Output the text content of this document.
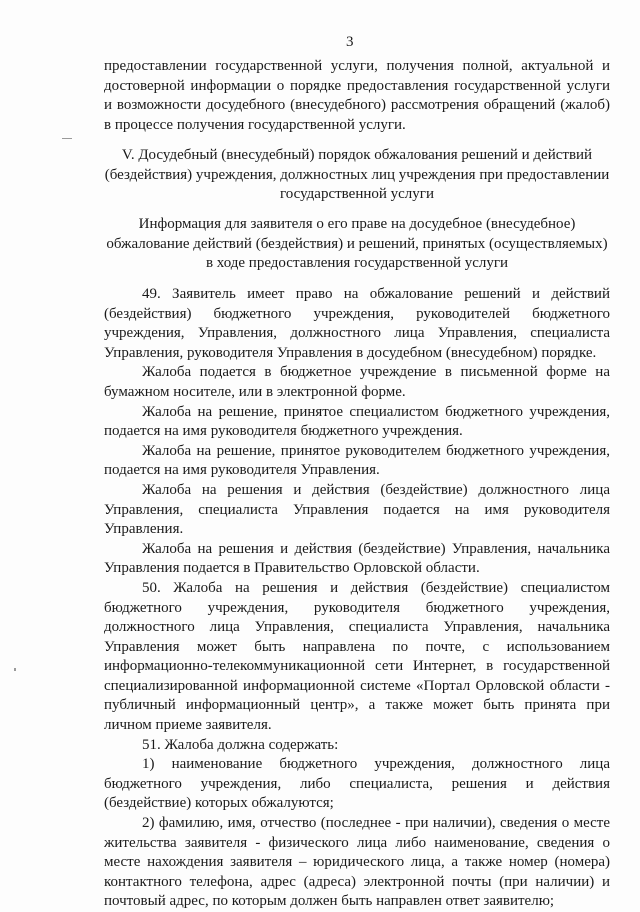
3

предоставлении государственной услуги, получения полной, актуальной и достоверной информации о порядке предоставления государственной услуги и возможности досудебного (внесудебного) рассмотрения обращений (жалоб) в процессе получения государственной услуги.

V. Досудебный (внесудебный) порядок обжалования решений и действий (бездействия) учреждения, должностных лиц учреждения при предоставлении государственной услуги
Информация для заявителя о его праве на досудебное (внесудебное) обжалование действий (бездействия) и решений, принятых (осуществляемых) в ходе предоставления государственной услуги

49. Заявитель имеет право на обжалование решений и действий (бездействия) бюджетного учреждения, руководителей бюджетного учреждения, Управления, должностного лица Управления, специалиста Управления, руководителя Управления в досудебном (внесудебном) порядке.

Жалоба подается в бюджетное учреждение в письменной форме на бумажном носителе, или в электронной форме.

Жалоба на решение, принятое специалистом бюджетного учреждения, подается на имя руководителя бюджетного учреждения.

Жалоба на решение, принятое руководителем бюджетного учреждения, подается на имя руководителя Управления.

Жалоба на решения и действия (бездействие) должностного лица Управления, специалиста Управления подается на имя руководителя Управления.

Жалоба на решения и действия (бездействие) Управления, начальника Управления подается в Правительство Орловской области.

50. Жалоба на решения и действия (бездействие) специалистом бюджетного учреждения, руководителя бюджетного учреждения, должностного лица Управления, специалиста Управления, начальника Управления может быть направлена по почте, с использованием информационно-телекоммуникационной сети Интернет, в государственной специализированной информационной системе «Портал Орловской области - публичный информационный центр», а также может быть принята при личном приеме заявителя.

51. Жалоба должна содержать:

1) наименование бюджетного учреждения, должностного лица бюджетного учреждения, либо специалиста, решения и действия (бездействие) которых обжалуются;

2) фамилию, имя, отчество (последнее - при наличии), сведения о месте жительства заявителя - физического лица либо наименование, сведения о месте нахождения заявителя – юридического лица, а также номер (номера) контактного телефона, адрес (адреса) электронной почты (при наличии) и почтовый адрес, по которым должен быть направлен ответ заявителю;
